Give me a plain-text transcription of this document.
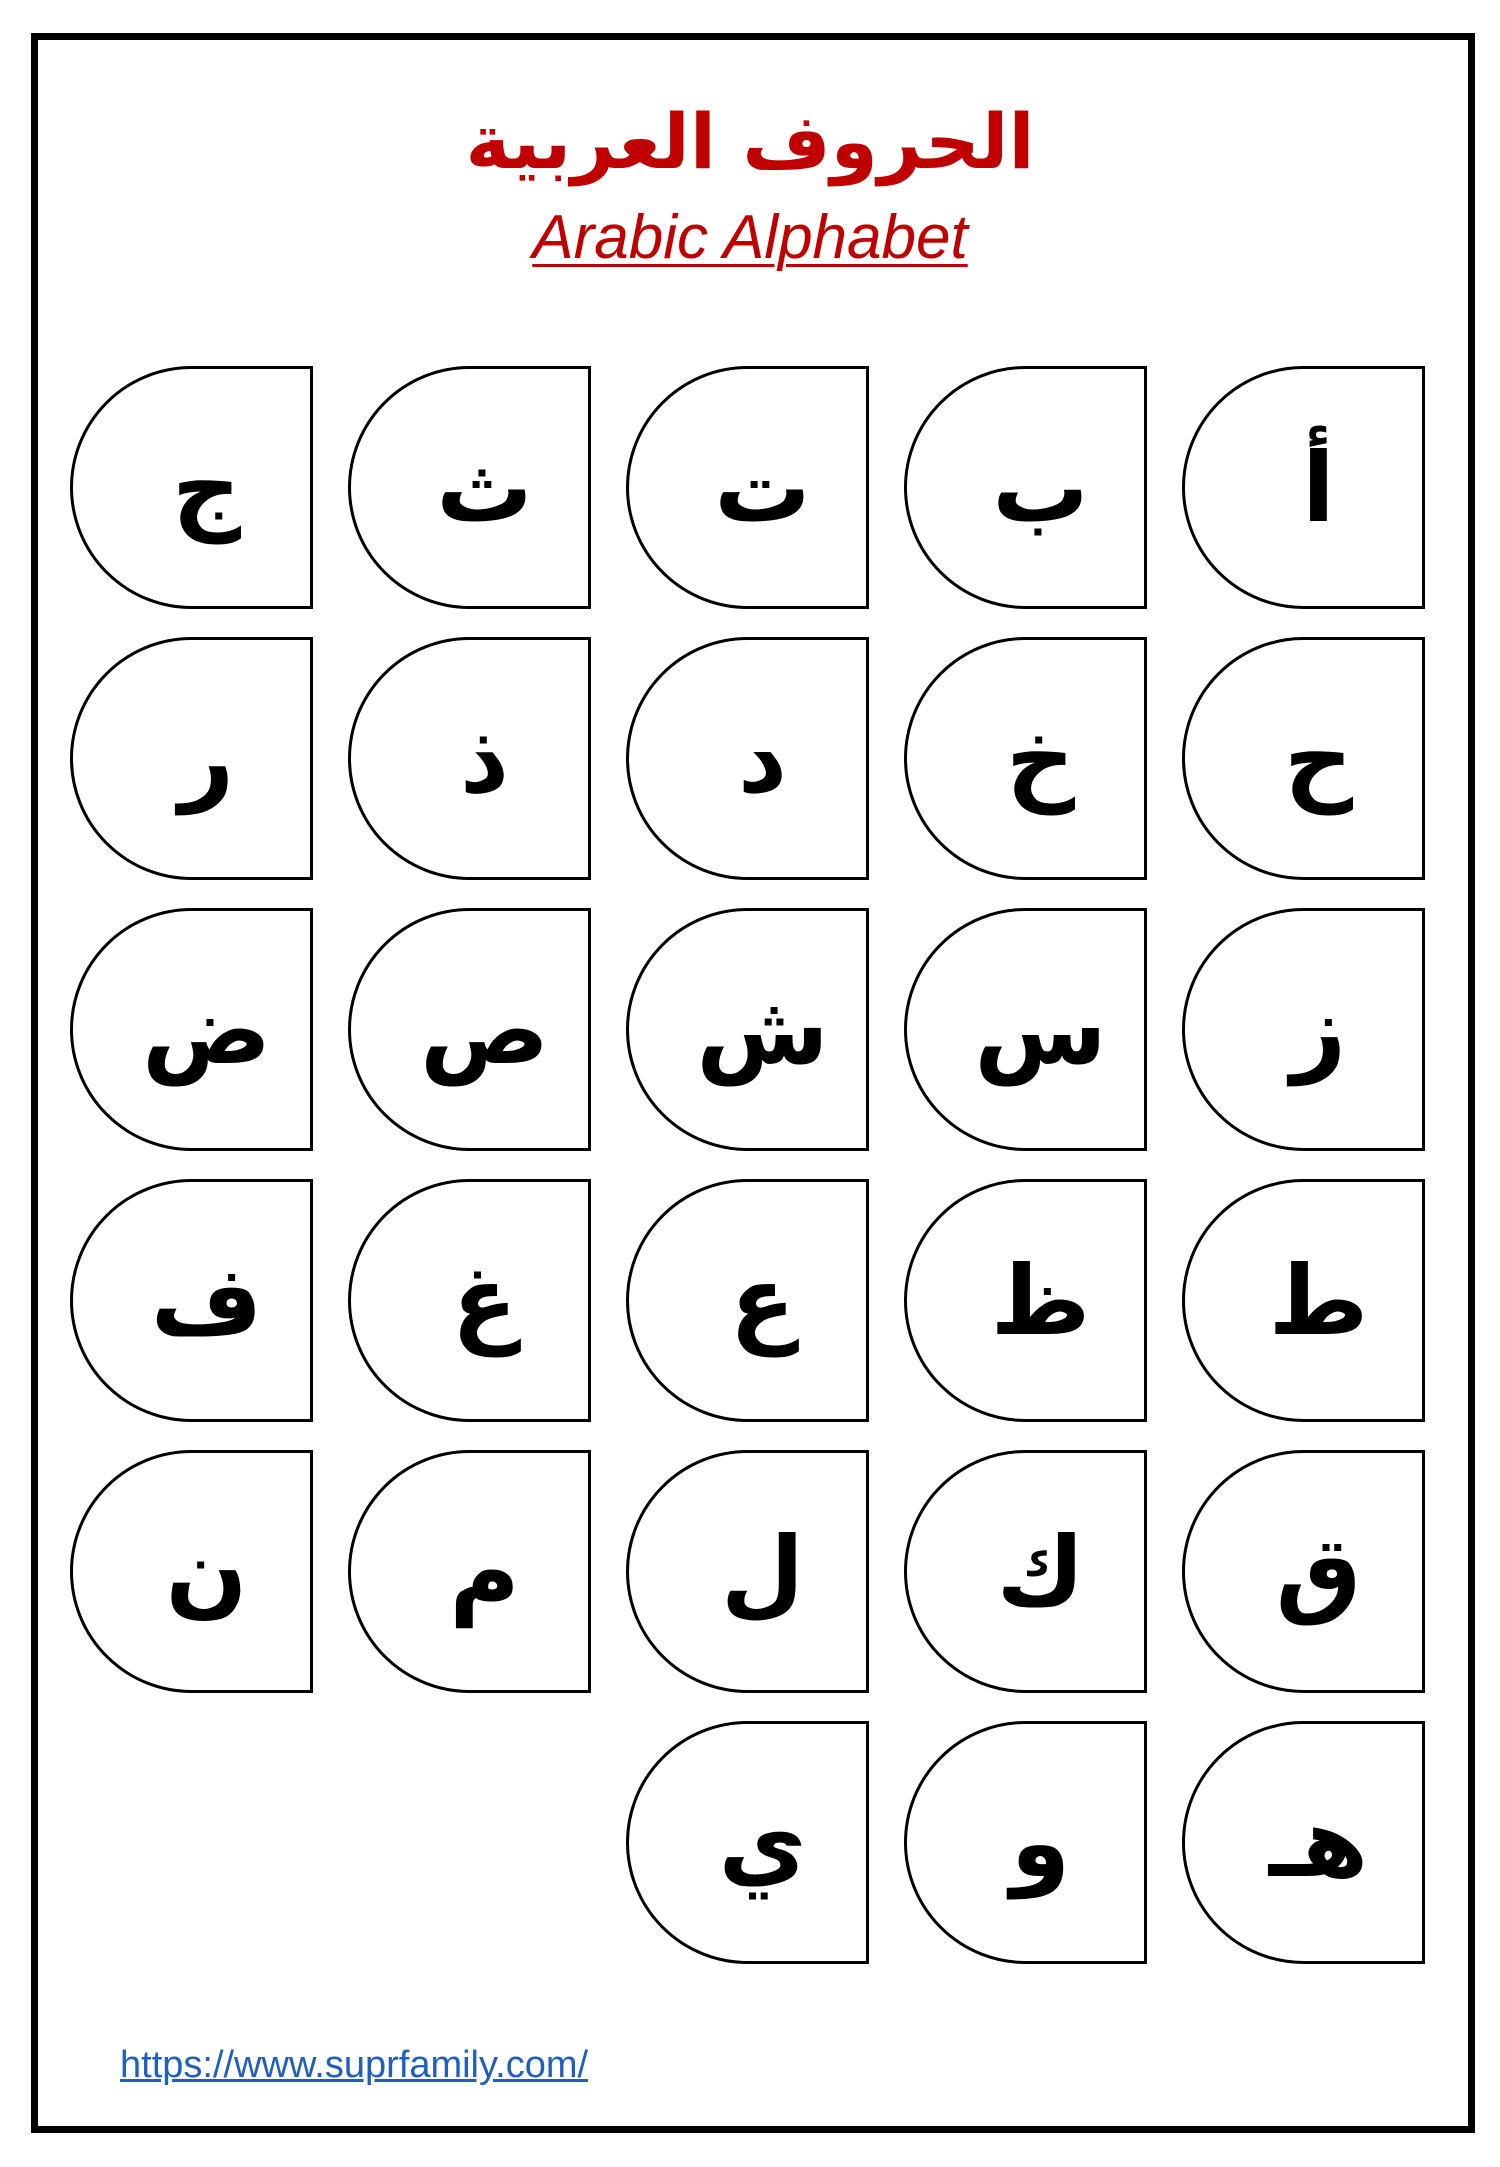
الحروف العربية
Arabic Alphabet
أ
ب
ت
ث
ج
ح
خ
د
ذ
ر
ز
س
ش
ص
ض
ط
ظ
ع
غ
ف
ق
ك
ل
م
ن
هـ
و
ي
https://www.suprfamily.com/
